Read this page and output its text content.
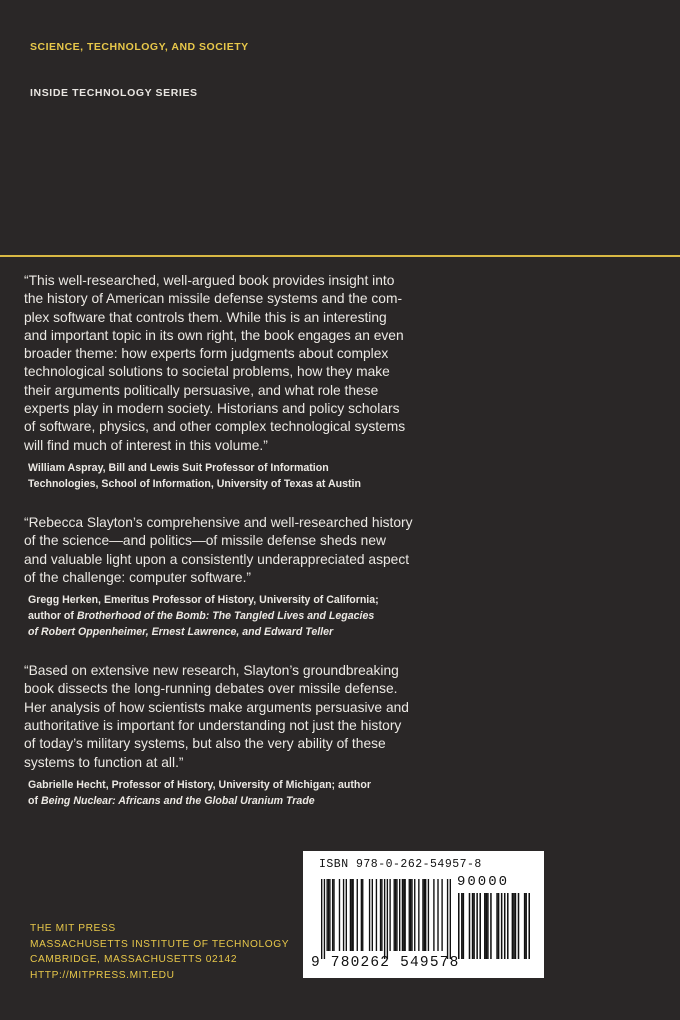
SCIENCE, TECHNOLOGY, AND SOCIETY
INSIDE TECHNOLOGY SERIES
“This well-researched, well-argued book provides insight into
the history of American missile defense systems and the com-
plex software that controls them. While this is an interesting
and important topic in its own right, the book engages an even
broader theme: how experts form judgments about complex
technological solutions to societal problems, how they make
their arguments politically persuasive, and what role these
experts play in modern society. Historians and policy scholars
of software, physics, and other complex technological systems
will find much of interest in this volume.”
William Aspray, Bill and Lewis Suit Professor of Information
Technologies, School of Information, University of Texas at Austin
“Rebecca Slayton’s comprehensive and well-researched history
of the science—and politics—of missile defense sheds new
and valuable light upon a consistently underappreciated aspect
of the challenge: computer software.”
Gregg Herken, Emeritus Professor of History, University of California;
author of Brotherhood of the Bomb: The Tangled Lives and Legacies
of Robert Oppenheimer, Ernest Lawrence, and Edward Teller
“Based on extensive new research, Slayton’s groundbreaking
book dissects the long-running debates over missile defense.
Her analysis of how scientists make arguments persuasive and
authoritative is important for understanding not just the history
of today’s military systems, but also the very ability of these
systems to function at all.”
Gabrielle Hecht, Professor of History, University of Michigan; author
of Being Nuclear: Africans and the Global Uranium Trade
THE MIT PRESS
MASSACHUSETTS INSTITUTE OF TECHNOLOGY
CAMBRIDGE, MASSACHUSETTS 02142
HTTP://MITPRESS.MIT.EDU
ISBN 978-0-262-54957-8
90000
9 780262 549578
